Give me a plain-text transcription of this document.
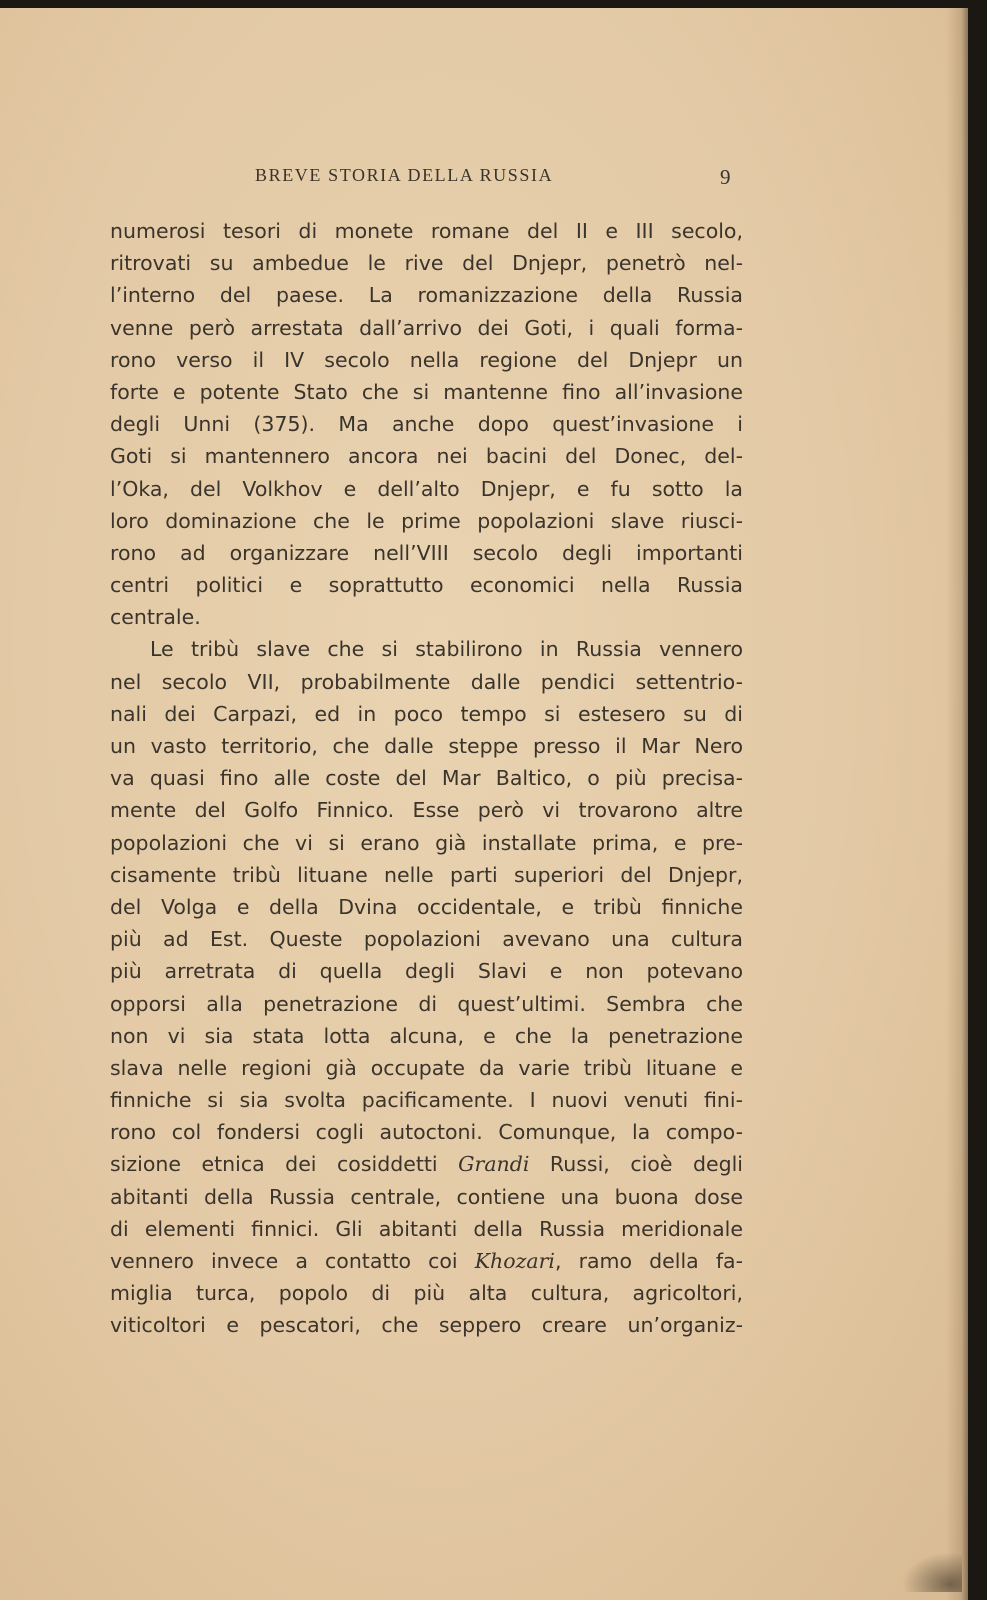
BREVE STORIA DELLA RUSSIA	9

numerosi tesori di monete romane del II e III secolo,
ritrovati su ambedue le rive del Dnjepr, penetrò nel-
l’interno del paese. La romanizzazione della Russia
venne però arrestata dall’arrivo dei Goti, i quali forma-
rono verso il IV secolo nella regione del Dnjepr un
forte e potente Stato che si mantenne fino all’invasione
degli Unni (375). Ma anche dopo quest’invasione i
Goti si mantennero ancora nei bacini del Donec, del-
l’Oka, del Volkhov e dell’alto Dnjepr, e fu sotto la
loro dominazione che le prime popolazioni slave riusci-
rono ad organizzare nell’VIII secolo degli importanti
centri politici e soprattutto economici nella Russia
centrale.

Le tribù slave che si stabilirono in Russia vennero
nel secolo VII, probabilmente dalle pendici settentrio-
nali dei Carpazi, ed in poco tempo si estesero su di
un vasto territorio, che dalle steppe presso il Mar Nero
va quasi fino alle coste del Mar Baltico, o più precisa-
mente del Golfo Finnico. Esse però vi trovarono altre
popolazioni che vi si erano già installate prima, e pre-
cisamente tribù lituane nelle parti superiori del Dnjepr,
del Volga e della Dvina occidentale, e tribù finniche
più ad Est. Queste popolazioni avevano una cultura
più arretrata di quella degli Slavi e non potevano
opporsi alla penetrazione di quest’ultimi. Sembra che
non vi sia stata lotta alcuna, e che la penetrazione
slava nelle regioni già occupate da varie tribù lituane e
finniche si sia svolta pacificamente. I nuovi venuti fini-
rono col fondersi cogli autoctoni. Comunque, la compo-
sizione etnica dei cosiddetti Grandi Russi, cioè degli
abitanti della Russia centrale, contiene una buona dose
di elementi finnici. Gli abitanti della Russia meridionale
vennero invece a contatto coi Khozari, ramo della fa-
miglia turca, popolo di più alta cultura, agricoltori,
viticoltori e pescatori, che seppero creare un’organiz-
